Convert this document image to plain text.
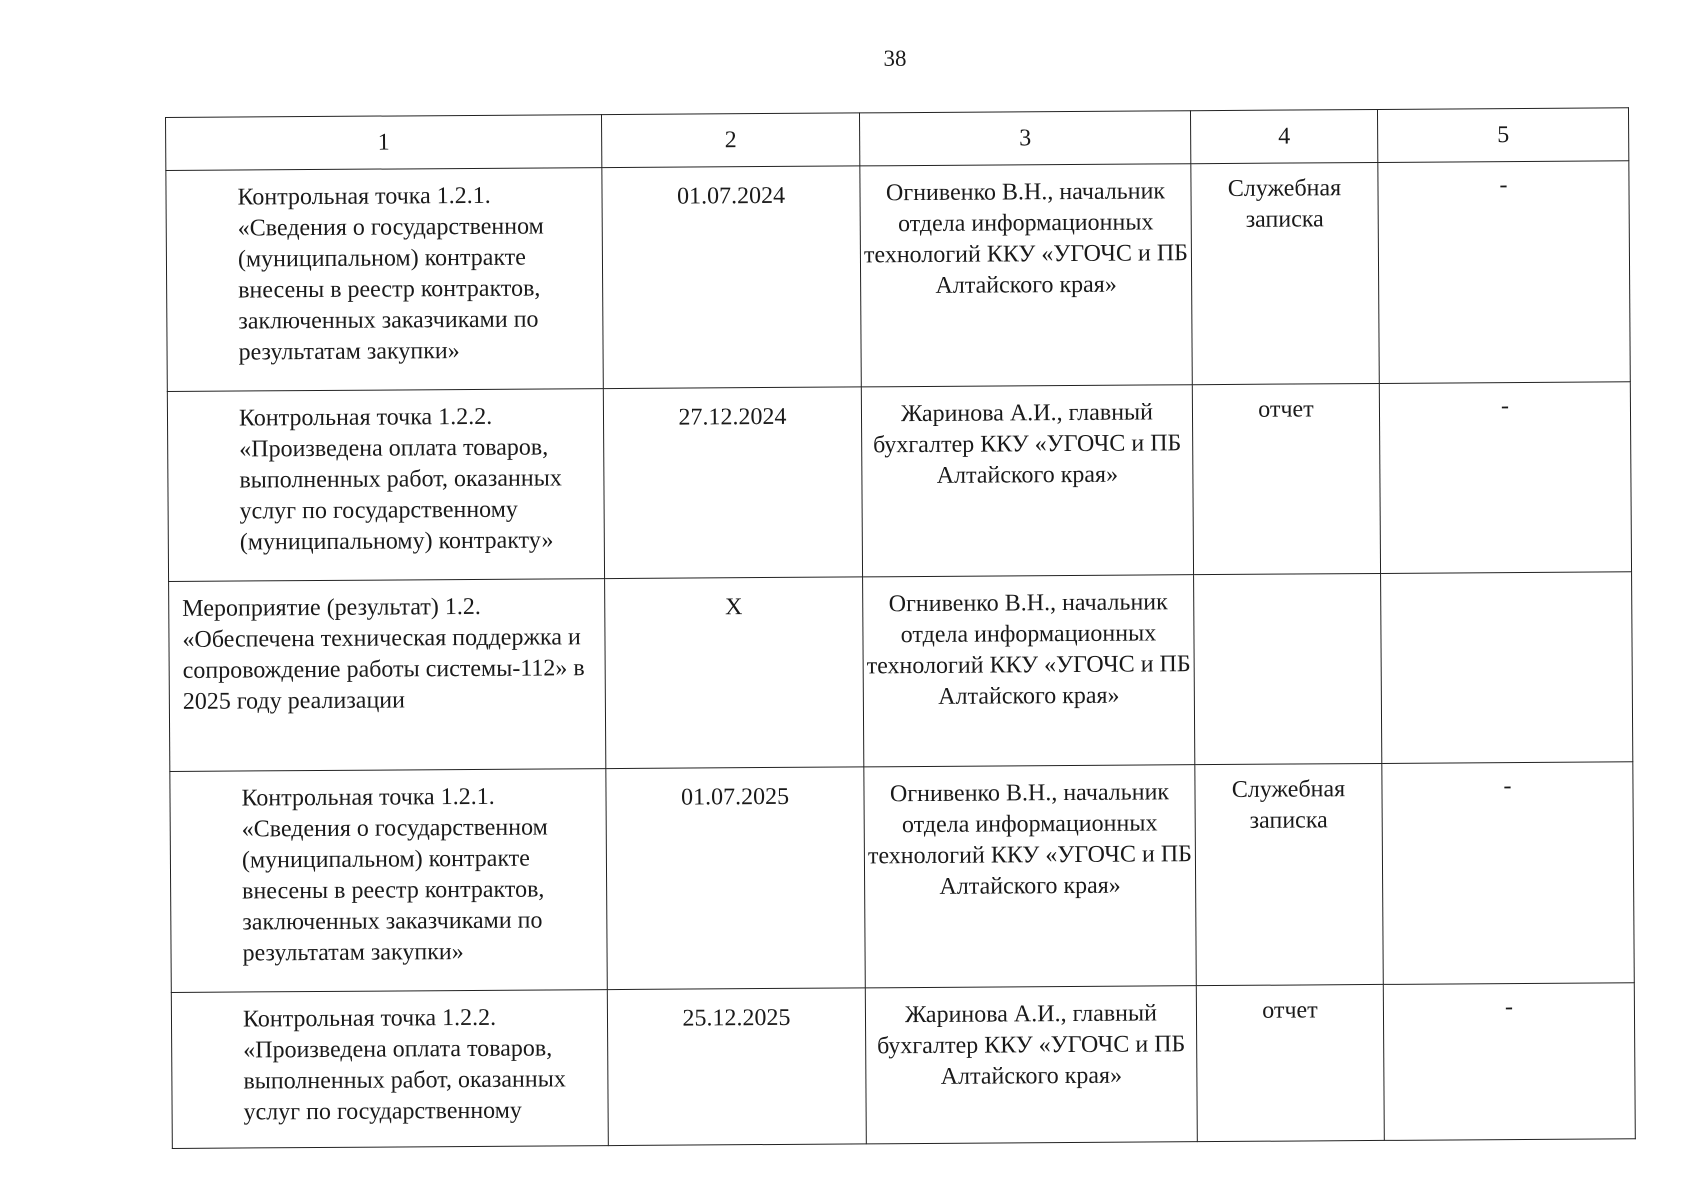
38
1	2	3	4	5
Контрольная точка 1.2.1. «Сведения о государственном (муниципальном) контракте внесены в реестр контрактов, заключенных заказчиками по результатам закупки»	01.07.2024	Огнивенко В.Н., начальник отдела информационных технологий ККУ «УГОЧС и ПБ Алтайского края»	Служебная записка	-
Контрольная точка 1.2.2. «Произведена оплата товаров, выполненных работ, оказанных услуг по государственному (муниципальному) контракту»	27.12.2024	Жаринова А.И., главный бухгалтер ККУ «УГОЧС и ПБ Алтайского края»	отчет	-
Мероприятие (результат) 1.2. «Обеспечена техническая поддержка и сопровождение работы системы-112» в 2025 году реализации	X	Огнивенко В.Н., начальник отдела информационных технологий ККУ «УГОЧС и ПБ Алтайского края»		
Контрольная точка 1.2.1. «Сведения о государственном (муниципальном) контракте внесены в реестр контрактов, заключенных заказчиками по результатам закупки»	01.07.2025	Огнивенко В.Н., начальник отдела информационных технологий ККУ «УГОЧС и ПБ Алтайского края»	Служебная записка	-
Контрольная точка 1.2.2. «Произведена оплата товаров, выполненных работ, оказанных услуг по государственному	25.12.2025	Жаринова А.И., главный бухгалтер ККУ «УГОЧС и ПБ Алтайского края»	отчет	-
